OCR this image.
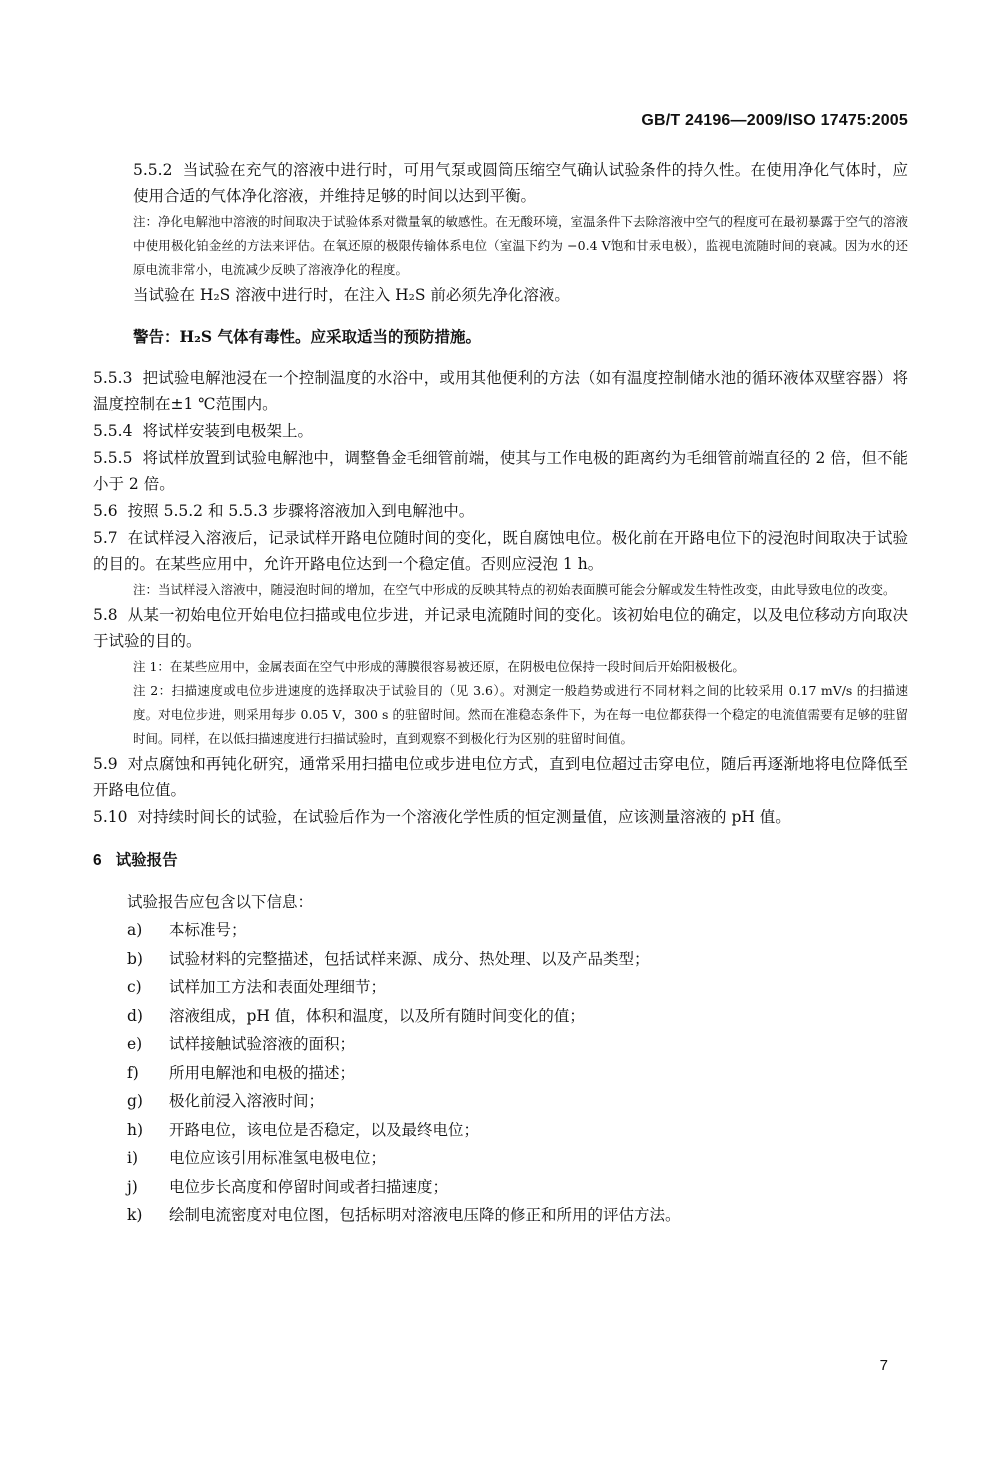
GB/T 24196—2009/ISO 17475:2005

5.5.2 当试验在充气的溶液中进行时，可用气泵或圆筒压缩空气确认试验条件的持久性。在使用净化气体时，应使用合适的气体净化溶液，并维持足够的时间以达到平衡。

注：净化电解池中溶液的时间取决于试验体系对微量氧的敏感性。在无酸环境，室温条件下去除溶液中空气的程度可在最初暴露于空气的溶液中使用极化铂金丝的方法来评估。在氧还原的极限传输体系电位（室温下约为 −0.4 V饱和甘汞电极），监视电流随时间的衰减。因为水的还原电流非常小，电流减少反映了溶液净化的程度。

当试验在 H₂S 溶液中进行时，在注入 H₂S 前必须先净化溶液。

警告：H₂S 气体有毒性。应采取适当的预防措施。

5.5.3 把试验电解池浸在一个控制温度的水浴中，或用其他便利的方法（如有温度控制储水池的循环液体双壁容器）将温度控制在±1 ℃范围内。

5.5.4 将试样安装到电极架上。

5.5.5 将试样放置到试验电解池中，调整鲁金毛细管前端，使其与工作电极的距离约为毛细管前端直径的 2 倍，但不能小于 2 倍。

5.6 按照 5.5.2 和 5.5.3 步骤将溶液加入到电解池中。

5.7 在试样浸入溶液后，记录试样开路电位随时间的变化，既自腐蚀电位。极化前在开路电位下的浸泡时间取决于试验的目的。在某些应用中，允许开路电位达到一个稳定值。否则应浸泡 1 h。

注：当试样浸入溶液中，随浸泡时间的增加，在空气中形成的反映其特点的初始表面膜可能会分解或发生特性改变，由此导致电位的改变。

5.8 从某一初始电位开始电位扫描或电位步进，并记录电流随时间的变化。该初始电位的确定，以及电位移动方向取决于试验的目的。

注 1：在某些应用中，金属表面在空气中形成的薄膜很容易被还原，在阴极电位保持一段时间后开始阳极极化。

注 2：扫描速度或电位步进速度的选择取决于试验目的（见 3.6）。对测定一般趋势或进行不同材料之间的比较采用 0.17 mV/s 的扫描速度。对电位步进，则采用每步 0.05 V，300 s 的驻留时间。然而在准稳态条件下，为在每一电位都获得一个稳定的电流值需要有足够的驻留时间。同样，在以低扫描速度进行扫描试验时，直到观察不到极化行为区别的驻留时间值。

5.9 对点腐蚀和再钝化研究，通常采用扫描电位或步进电位方式，直到电位超过击穿电位，随后再逐渐地将电位降低至开路电位值。

5.10 对持续时间长的试验，在试验后作为一个溶液化学性质的恒定测量值，应该测量溶液的 pH 值。

6 试验报告

试验报告应包含以下信息：

a)	本标准号；
b)	试验材料的完整描述，包括试样来源、成分、热处理、以及产品类型；
c)	试样加工方法和表面处理细节；
d)	溶液组成，pH 值，体积和温度，以及所有随时间变化的值；
e)	试样接触试验溶液的面积；
f)	所用电解池和电极的描述；
g)	极化前浸入溶液时间；
h)	开路电位，该电位是否稳定，以及最终电位；
i)	电位应该引用标准氢电极电位；
j)	电位步长高度和停留时间或者扫描速度；
k)	绘制电流密度对电位图，包括标明对溶液电压降的修正和所用的评估方法。
7
